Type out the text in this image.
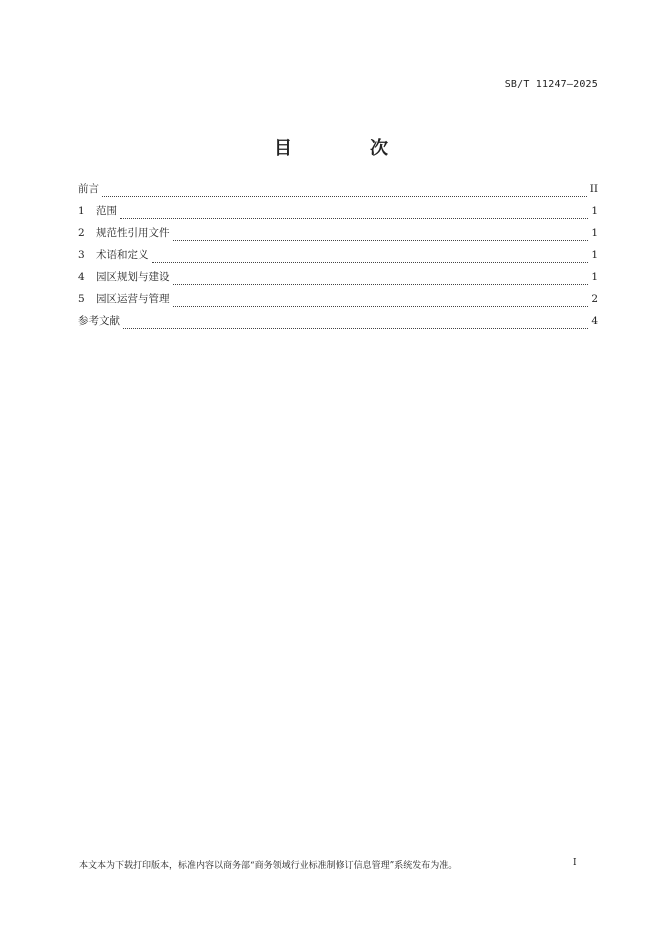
SB/T 11247—2025
目　次
前言	II
1	范围	1
2	规范性引用文件	1
3	术语和定义	1
4	园区规划与建设	1
5	园区运营与管理	2
参考文献	4
本文本为下载打印版本，标准内容以商务部“商务领域行业标准制修订信息管理”系统发布为准。	I
